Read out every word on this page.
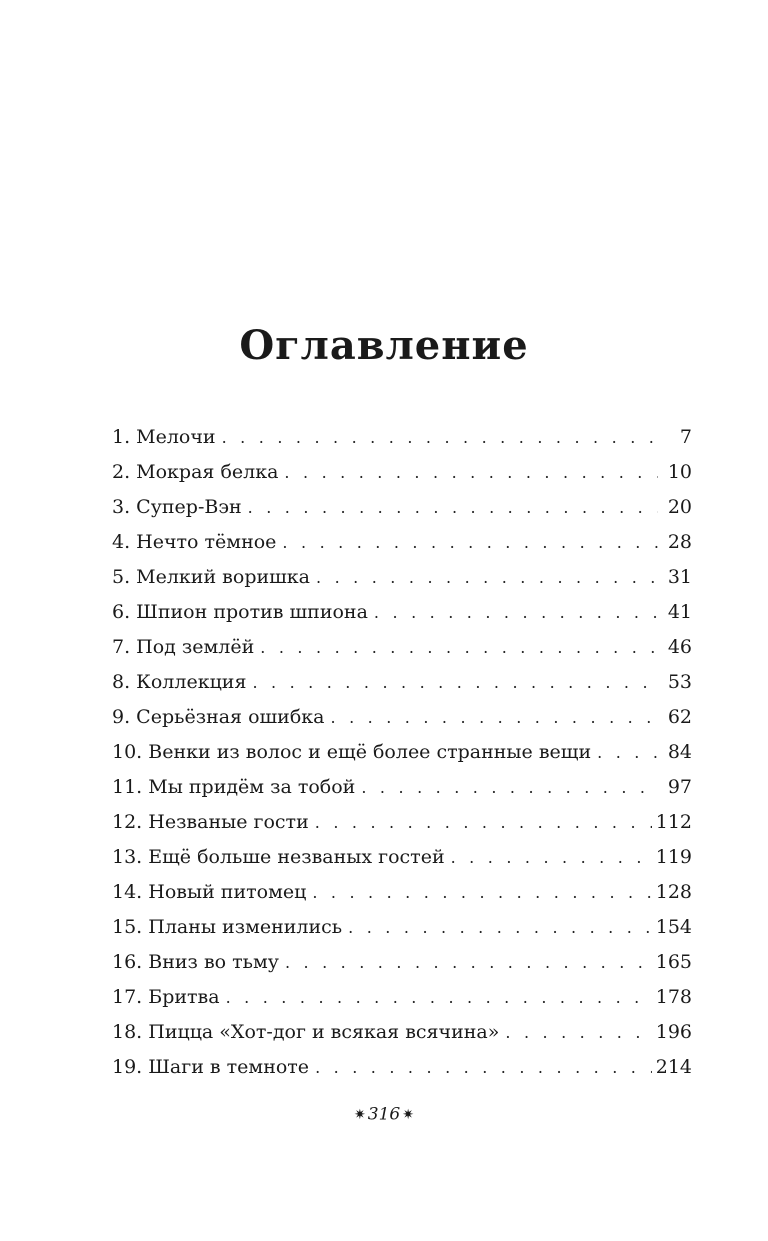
Оглавление
1. Мелочи . . .	7
2. Мокрая белка . . .	10
3. Супер-Вэн . . .	20
4. Нечто тёмное . . .	28
5. Мелкий воришка . . .	31
6. Шпион против шпиона . . .	41
7. Под землёй . . .	46
8. Коллекция . . .	53
9. Серьёзная ошибка . . .	62
10. Венки из волос и ещё более странные вещи . . .	84
11. Мы придём за тобой . . .	97
12. Незваные гости . . .	112
13. Ещё больше незваных гостей . . .	119
14. Новый питомец . . .	128
15. Планы изменились . . .	154
16. Вниз во тьму . . .	165
17. Бритва . . .	178
18. Пицца «Хот-дог и всякая всячина» . . .	196
19. Шаги в темноте . . .	214
✷ 316 ✷
